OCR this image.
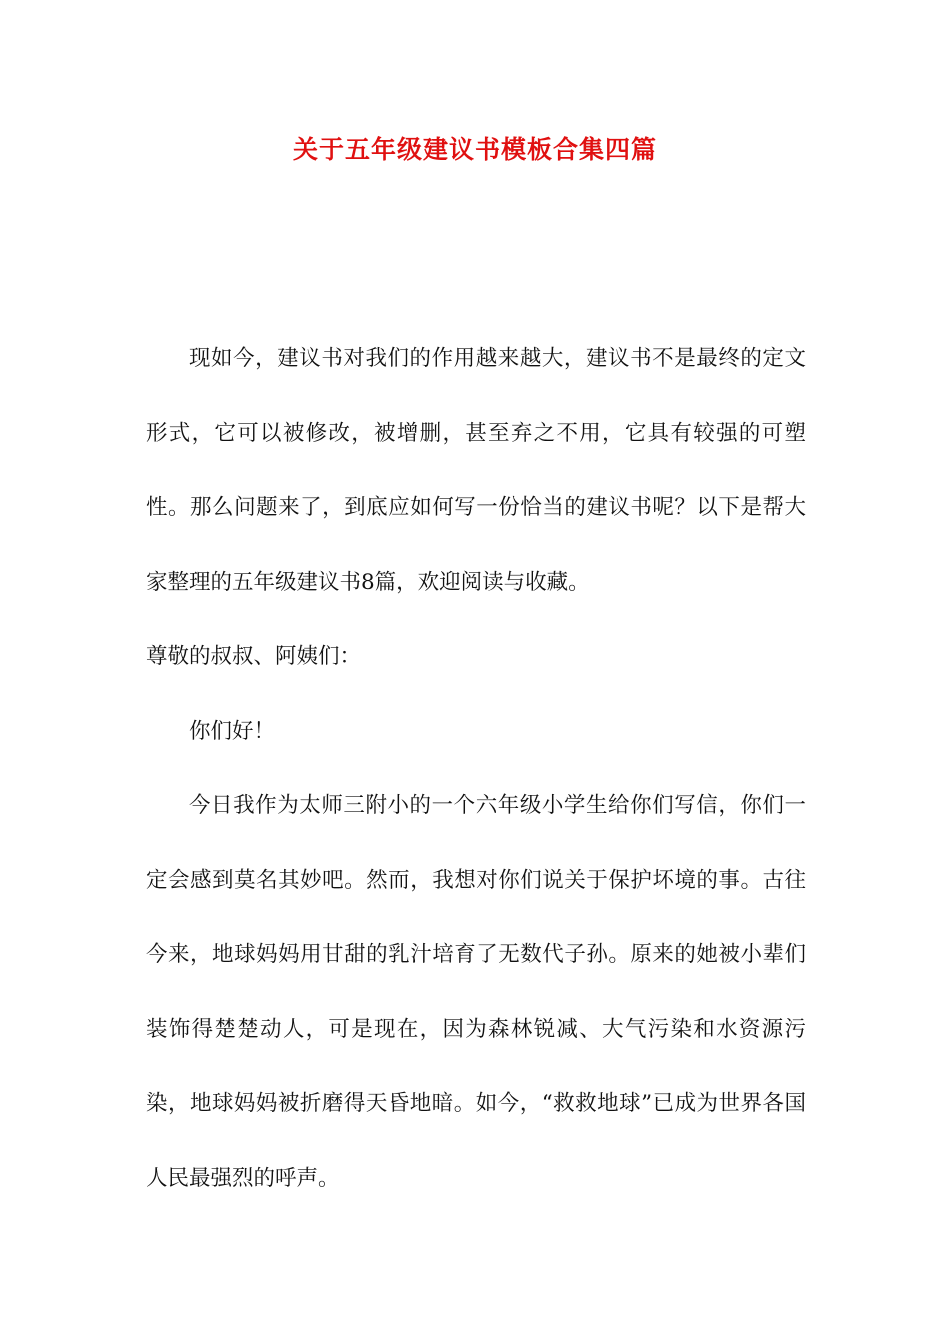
关于五年级建议书模板合集四篇

现如今，建议书对我们的作用越来越大，建议书不是最终的定文形式，它可以被修改，被增删，甚至弃之不用，它具有较强的可塑性。那么问题来了，到底应如何写一份恰当的建议书呢？以下是帮大家整理的五年级建议书8篇，欢迎阅读与收藏。

尊敬的叔叔、阿姨们：

你们好！

今日我作为太师三附小的一个六年级小学生给你们写信，你们一定会感到莫名其妙吧。然而，我想对你们说关于保护坏境的事。古往今来，地球妈妈用甘甜的乳汁培育了无数代子孙。原来的她被小辈们装饰得楚楚动人，可是现在，因为森林锐减、大气污染和水资源污染，地球妈妈被折磨得天昏地暗。如今，“救救地球”已成为世界各国人民最强烈的呼声。
